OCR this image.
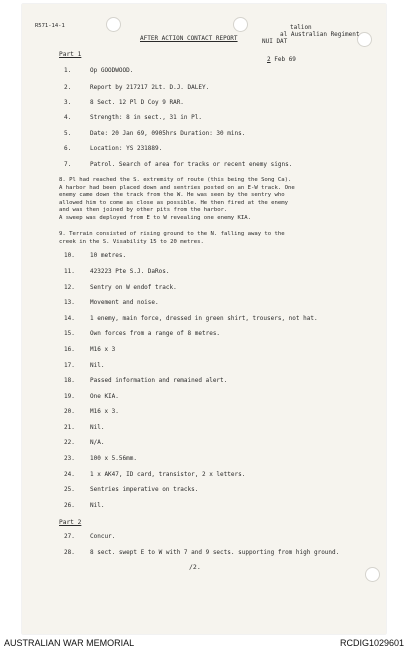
R571-14-1
AFTER ACTION CONTACT REPORT
talion
al Australian Regiment
NUI DAT
2 Feb 69
Part 1
1.	Op GOODWOOD.
2.	Report by 217217 2Lt. D.J. DALEY.
3.	8 Sect. 12 Pl D Coy 9 RAR.
4.	Strength: 8 in sect., 31 in Pl.
5.	Date: 20 Jan 69, 0905hrs Duration: 30 mins.
6.	Location: YS 231889.
7.	Patrol. Search of area for tracks or recent enemy signs.
8. Pl had reached the S. extremity of route (this being the Song Ca).
A harbor had been placed down and sentries posted on an E-W track. One
enemy came down the track from the W. He was seen by the sentry who
allowed him to come as close as possible. He then fired at the enemy
and was then joined by other pits from the harbor.
A sweep was deployed from E to W revealing one enemy KIA.
9. Terrain consisted of rising ground to the N. falling away to the
creek in the S. Visability 15 to 20 metres.
10.	10 metres.
11.	423223 Pte S.J. DaRos.
12.	Sentry on W endof track.
13.	Movement and noise.
14.	1 enemy, main force, dressed in green shirt, trousers, not hat.
15.	Own forces from a range of 8 metres.
16.	M16 x 3
17.	Nil.
18.	Passed information and remained alert.
19.	One KIA.
20.	M16 x 3.
21.	Nil.
22.	N/A.
23.	100 x 5.56mm.
24.	1 x AK47, ID card, transistor, 2 x letters.
25.	Sentries imperative on tracks.
26.	Nil.
Part 2
27.	Concur.
28.	8 sect. swept E to W with 7 and 9 sects. supporting from high ground.
/2.
AUSTRALIAN WAR MEMORIAL	RCDIG1029601
